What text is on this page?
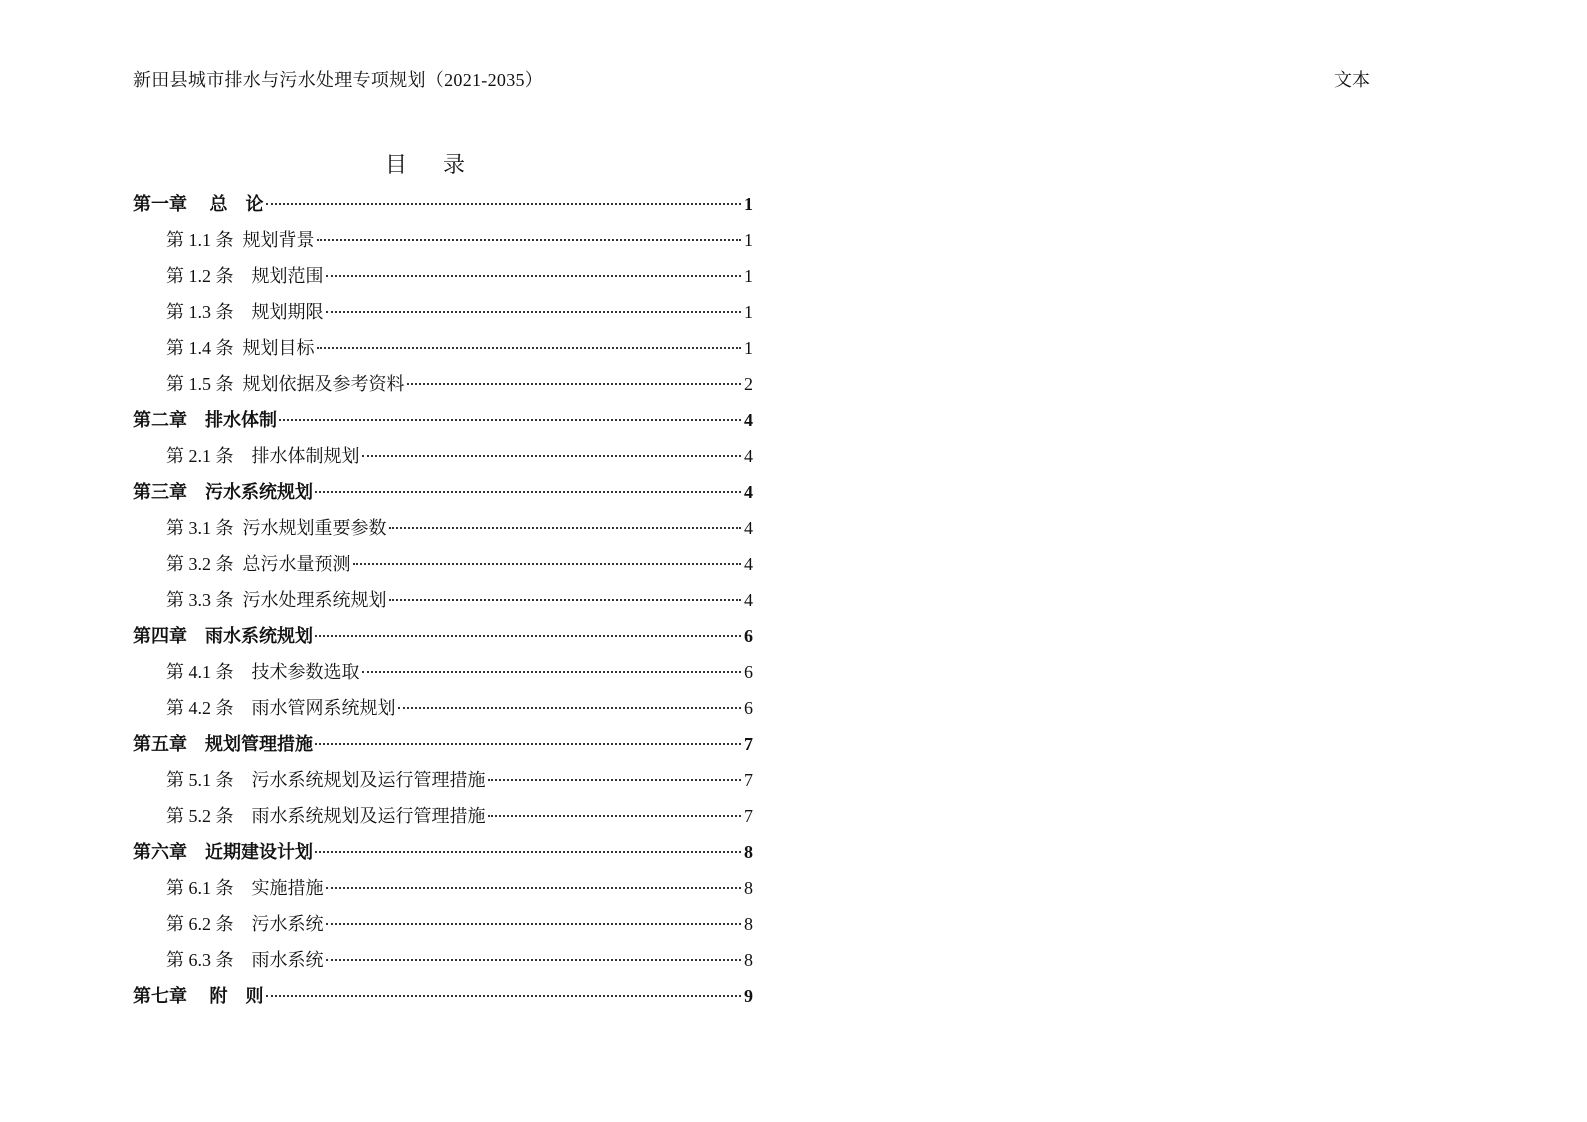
新田县城市排水与污水处理专项规划（2021-2035）	文本
目录
第一章　 总　论	1
第 1.1 条  规划背景	1
第 1.2 条　规划范围	1
第 1.3 条　规划期限	1
第 1.4 条  规划目标	1
第 1.5 条  规划依据及参考资料	2
第二章　排水体制	4
第 2.1 条　排水体制规划	4
第三章　污水系统规划	4
第 3.1 条  污水规划重要参数	4
第 3.2 条  总污水量预测	4
第 3.3 条  污水处理系统规划	4
第四章　雨水系统规划	6
第 4.1 条　技术参数选取	6
第 4.2 条　雨水管网系统规划	6
第五章　规划管理措施	7
第 5.1 条　污水系统规划及运行管理措施	7
第 5.2 条　雨水系统规划及运行管理措施	7
第六章　近期建设计划	8
第 6.1 条　实施措施	8
第 6.2 条　污水系统	8
第 6.3 条　雨水系统	8
第七章　 附　则	9
